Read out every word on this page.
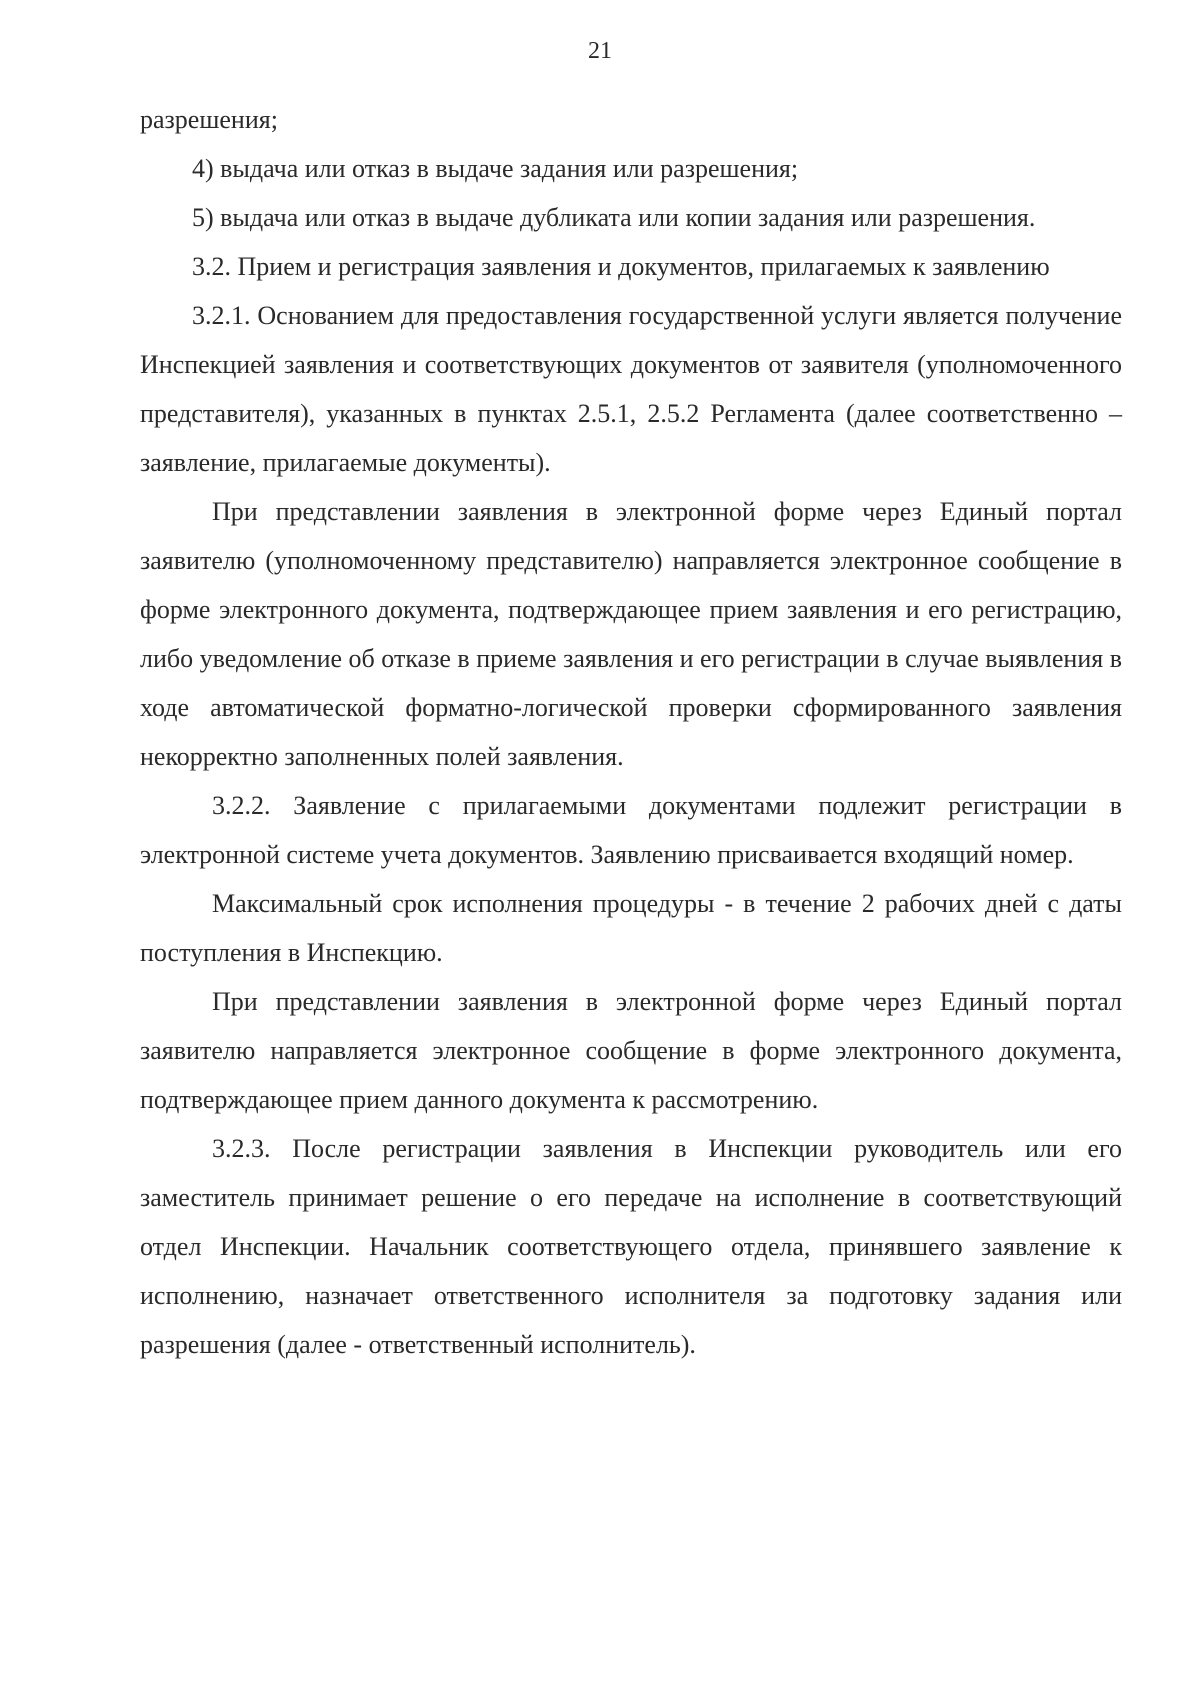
21

разрешения;

4) выдача или отказ в выдаче задания или разрешения;

5) выдача или отказ в выдаче дубликата или копии задания или разрешения.

3.2. Прием и регистрация заявления и документов, прилагаемых к заявлению

3.2.1. Основанием для предоставления государственной услуги является получение Инспекцией заявления и соответствующих документов от заявителя (уполномоченного представителя), указанных в пунктах 2.5.1, 2.5.2 Регламента (далее соответственно – заявление, прилагаемые документы).

При представлении заявления в электронной форме через Единый портал заявителю (уполномоченному представителю) направляется электронное сообщение в форме электронного документа, подтверждающее прием заявления и его регистрацию, либо уведомление об отказе в приеме заявления и его регистрации в случае выявления в ходе автоматической форматно-логической проверки сформированного заявления некорректно заполненных полей заявления.

3.2.2. Заявление с прилагаемыми документами подлежит регистрации в электронной системе учета документов. Заявлению присваивается входящий номер.

Максимальный срок исполнения процедуры - в течение 2 рабочих дней с даты поступления в Инспекцию.

При представлении заявления в электронной форме через Единый портал заявителю направляется электронное сообщение в форме электронного документа, подтверждающее прием данного документа к рассмотрению.

3.2.3. После регистрации заявления в Инспекции руководитель или его заместитель принимает решение о его передаче на исполнение в соответствующий отдел Инспекции. Начальник соответствующего отдела, принявшего заявление к исполнению, назначает ответственного исполнителя за подготовку задания или разрешения (далее - ответственный исполнитель).
